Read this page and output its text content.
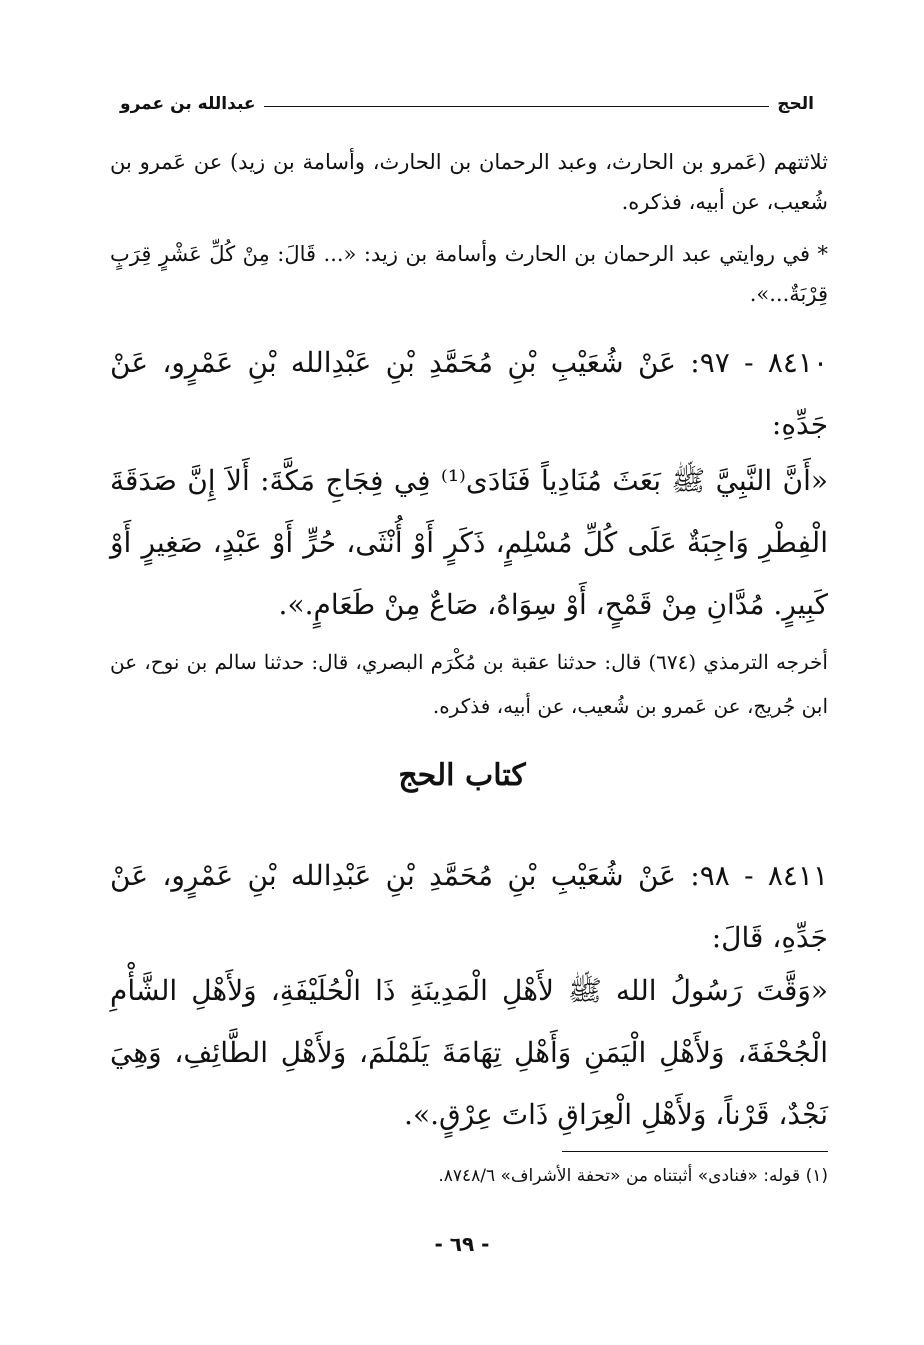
الحج
عبدالله بن عمرو
ثلاثتهم (عَمرو بن الحارث، وعبد الرحمان بن الحارث، وأسامة بن زيد) عن عَمرو بن شُعيب، عن أبيه، فذكره.
* في روايتي عبد الرحمان بن الحارث وأسامة بن زيد: «... قَالَ: مِنْ كُلِّ عَشْرٍ قِرَبٍ قِرْبَةٌ...».
٨٤١٠ - ٩٧: عَنْ شُعَيْبِ بْنِ مُحَمَّدِ بْنِ عَبْدِالله بْنِ عَمْرٍو، عَنْ جَدِّهِ:
«أَنَّ النَّبِيَّ ﷺ بَعَثَ مُنَادِياً فَنَادَى⁽¹⁾ فِي فِجَاجِ مَكَّةَ: أَلاَ إِنَّ صَدَقَةَ الْفِطْرِ وَاجِبَةٌ عَلَى كُلِّ مُسْلِمٍ، ذَكَرٍ أَوْ أُنْثَى، حُرٍّ أَوْ عَبْدٍ، صَغِيرٍ أَوْ كَبِيرٍ. مُدَّانِ مِنْ قَمْحٍ، أَوْ سِوَاهُ، صَاعٌ مِنْ طَعَامٍ.».
أخرجه الترمذي (٦٧٤) قال: حدثنا عقبة بن مُكْرَم البصري، قال: حدثنا سالم بن نوح، عن ابن جُريج، عن عَمرو بن شُعيب، عن أبيه، فذكره.
كتاب الحج
٨٤١١ - ٩٨: عَنْ شُعَيْبِ بْنِ مُحَمَّدِ بْنِ عَبْدِالله بْنِ عَمْرٍو، عَنْ جَدِّهِ، قَالَ:
«وَقَّتَ رَسُولُ الله ﷺ لأَهْلِ الْمَدِينَةِ ذَا الْحُلَيْفَةِ، وَلأَهْلِ الشَّأْمِ الْجُحْفَةَ، وَلأَهْلِ الْيَمَنِ وَأَهْلِ تِهَامَةَ يَلَمْلَمَ، وَلأَهْلِ الطَّائِفِ، وَهِيَ نَجْدٌ، قَرْناً، وَلأَهْلِ الْعِرَاقِ ذَاتَ عِرْقٍ.».
(١) قوله: «فنادى» أثبتناه من «تحفة الأشراف» ٨٧٤٨/٦.
- ٦٩ -
